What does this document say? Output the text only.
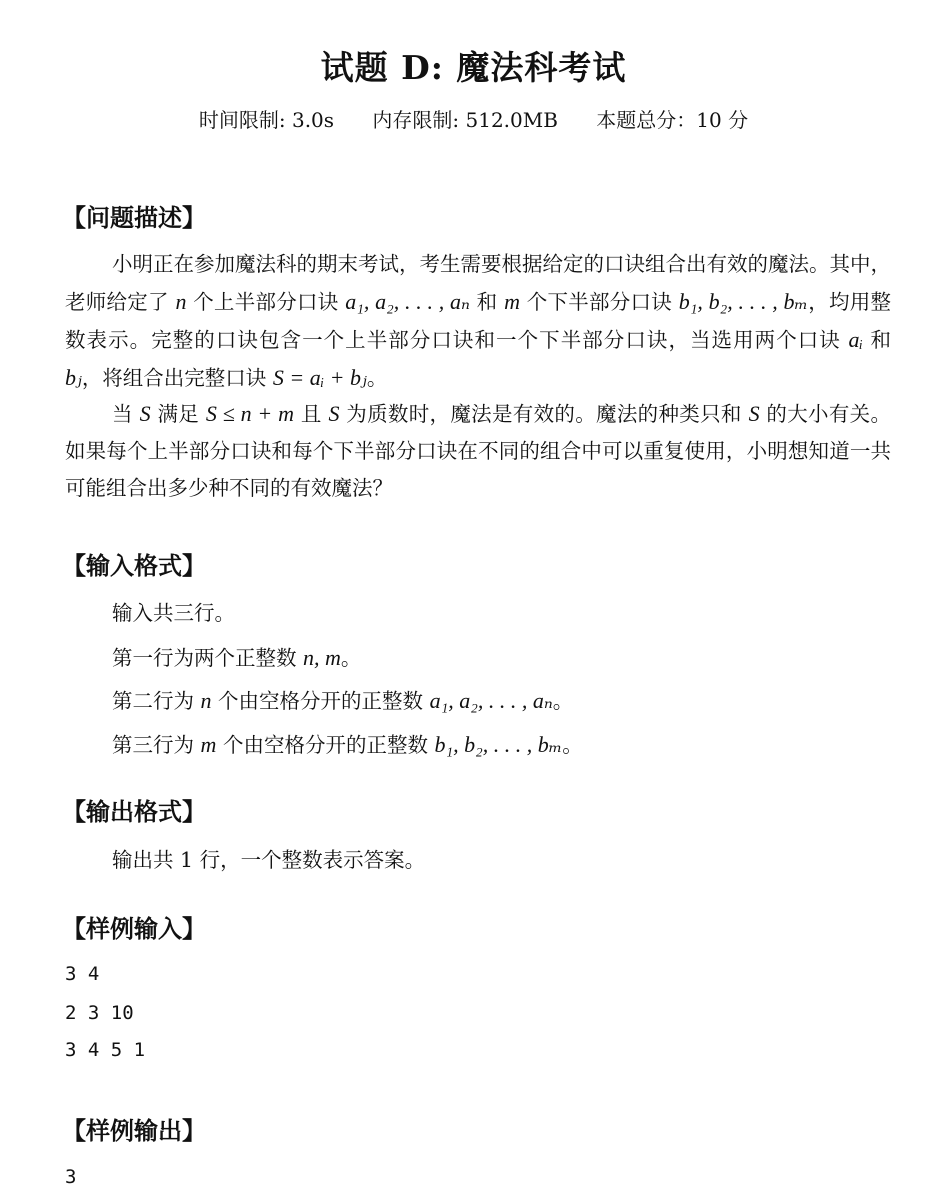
试题 D: 魔法科考试
时间限制: 3.0s 内存限制: 512.0MB 本题总分：10 分
【问题描述】
小明正在参加魔法科的期末考试，考生需要根据给定的口诀组合出有效的魔法。其中，老师给定了 n 个上半部分口诀 a₁, a₂, . . . , aₙ 和 m 个下半部分口诀 b₁, b₂, . . . , bₘ，均用整数表示。完整的口诀包含一个上半部分口诀和一个下半部分口诀，当选用两个口诀 aᵢ 和 bⱼ，将组合出完整口诀 S = aᵢ + bⱼ。
当 S 满足 S ≤ n + m 且 S 为质数时，魔法是有效的。魔法的种类只和 S 的大小有关。如果每个上半部分口诀和每个下半部分口诀在不同的组合中可以重复使用，小明想知道一共可能组合出多少种不同的有效魔法？
【输入格式】
输入共三行。
第一行为两个正整数 n, m。
第二行为 n 个由空格分开的正整数 a₁, a₂, . . . , aₙ。
第三行为 m 个由空格分开的正整数 b₁, b₂, . . . , bₘ。
【输出格式】
输出共 1 行，一个整数表示答案。
【样例输入】
3 4
2 3 10
3 4 5 1
【样例输出】
3
